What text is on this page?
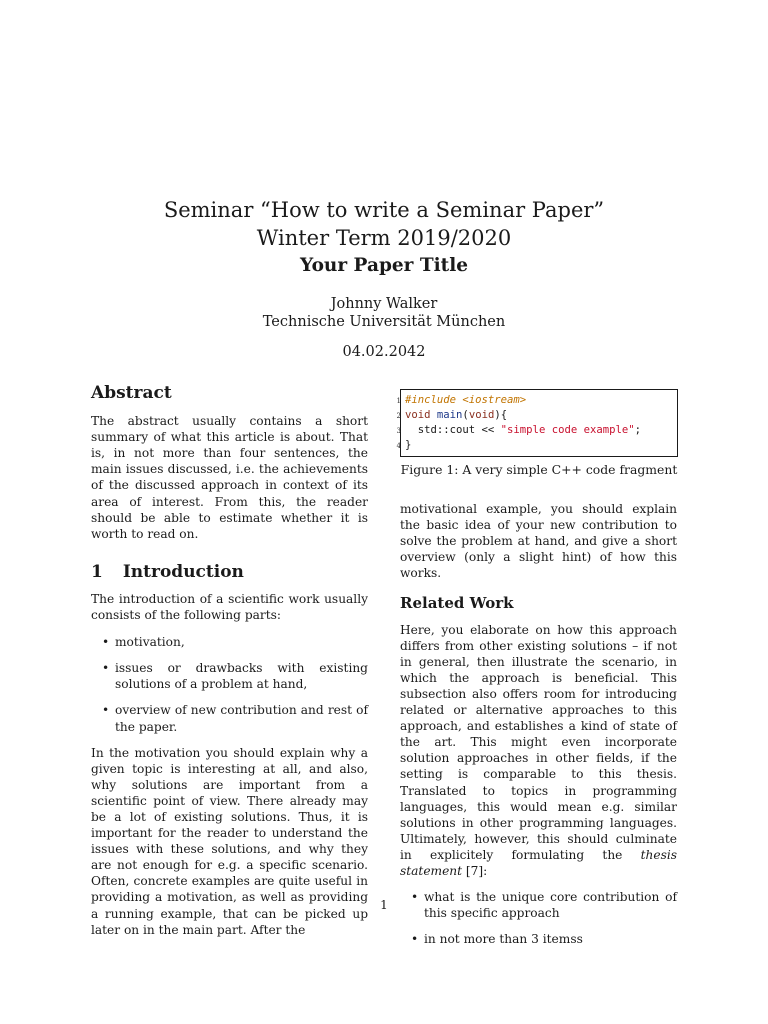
Seminar “How to write a Seminar Paper”
Winter Term 2019/2020
Your Paper Title
Johnny Walker
Technische Universität München
04.02.2042
Abstract

The abstract usually contains a short summary of what this article is about. That is, in not more than four sentences, the main issues discussed, i.e. the achievements of the discussed approach in context of its area of interest. From this, the reader should be able to estimate whether it is worth to read on.

1 Introduction

The introduction of a scientific work usually consists of the following parts:

• motivation,
• issues or drawbacks with existing solutions of a problem at hand,
• overview of new contribution and rest of the paper.

In the motivation you should explain why a given topic is interesting at all, and also, why solutions are important from a scientific point of view. There already may be a lot of existing solutions. Thus, it is important for the reader to understand the issues with these solutions, and why they are not enough for e.g. a specific scenario. Often, concrete examples are quite useful in providing a motivation, as well as providing a running example, that can be picked up later on in the main part. After the

1 #include <iostream>
2 void main(void){
3 std::cout << "simple code example";
4 }
Figure 1: A very simple C++ code fragment

motivational example, you should explain the basic idea of your new contribution to solve the problem at hand, and give a short overview (only a slight hint) of how this works.

Related Work

Here, you elaborate on how this approach differs from other existing solutions – if not in general, then illustrate the scenario, in which the approach is beneficial. This subsection also offers room for introducing related or alternative approaches to this approach, and establishes a kind of state of the art. This might even incorporate solution approaches in other fields, if the setting is comparable to this thesis. Translated to topics in programming languages, this would mean e.g. similar solutions in other programming languages. Ultimately, however, this should culminate in explicitely formulating the thesis statement [7]:

• what is the unique core contribution of this specific approach
• in not more than 3 itemss
1
